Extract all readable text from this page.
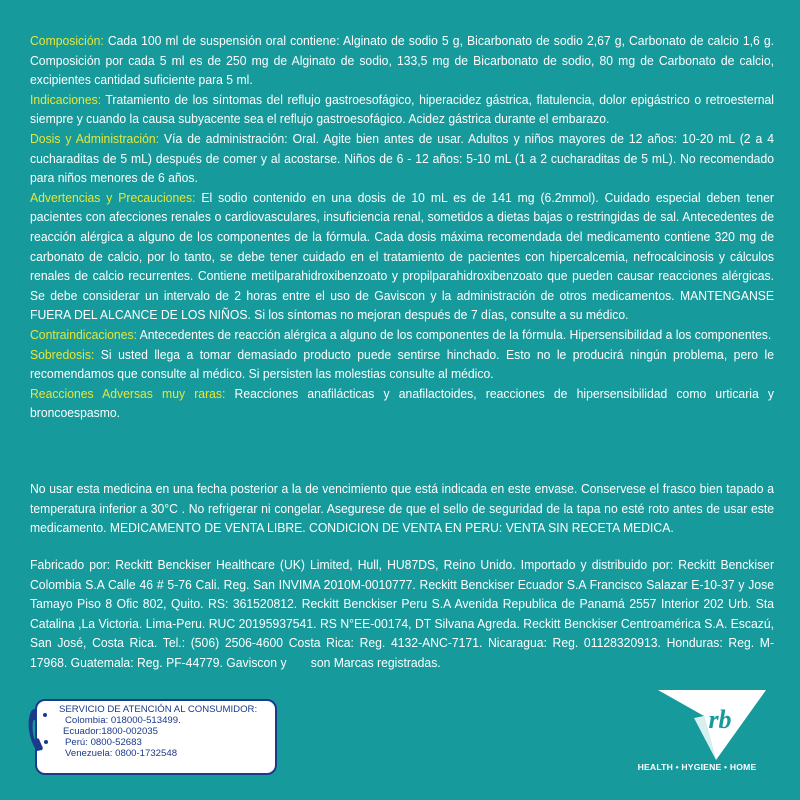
Composición: Cada 100 ml de suspensión oral contiene: Alginato de sodio 5 g, Bicarbonato de sodio 2,67 g, Carbonato de calcio 1,6 g. Composición por cada 5 ml es de 250 mg de Alginato de sodio, 133,5 mg de Bicarbonato de sodio, 80 mg de Carbonato de calcio, excipientes cantidad suficiente para 5 ml.

Indicaciones: Tratamiento de los síntomas del reflujo gastroesofágico, hiperacidez gástrica, flatulencia, dolor epigástrico o retroesternal siempre y cuando la causa subyacente sea el reflujo gastroesofágico. Acidez gástrica durante el embarazo.

Dosis y Administración: Vía de administración: Oral. Agite bien antes de usar. Adultos y niños mayores de 12 años: 10-20 mL (2 a 4 cucharaditas de 5 mL) después de comer y al acostarse. Niños de 6 - 12 años: 5-10 mL (1 a 2 cucharaditas de 5 mL). No recomendado para niños menores de 6 años.

Advertencias y Precauciones: El sodio contenido en una dosis de 10 mL es de 141 mg (6.2mmol). Cuidado especial deben tener pacientes con afecciones renales o cardiovasculares, insuficiencia renal, sometidos a dietas bajas o restringidas de sal. Antecedentes de reacción alérgica a alguno de los componentes de la fórmula. Cada dosis máxima recomendada del medicamento contiene 320 mg de carbonato de calcio, por lo tanto, se debe tener cuidado en el tratamiento de pacientes con hipercalcemia, nefrocalcinosis y cálculos renales de calcio recurrentes. Contiene metilparahidroxibenzoato y propilparahidroxibenzoato que pueden causar reacciones alérgicas. Se debe considerar un intervalo de 2 horas entre el uso de Gaviscon y la administración de otros medicamentos. MANTENGANSE FUERA DEL ALCANCE DE LOS NIÑOS. Si los síntomas no mejoran después de 7 días, consulte a su médico.

Contraindicaciones: Antecedentes de reacción alérgica a alguno de los componentes de la fórmula. Hipersensibilidad a los componentes.

Sobredosis: Si usted llega a tomar demasiado producto puede sentirse hinchado. Esto no le producirá ningún problema, pero le recomendamos que consulte al médico. Si persisten las molestias consulte al médico.

Reacciones Adversas muy raras: Reacciones anafilácticas y anafilactoides, reacciones de hipersensibilidad como urticaria y broncoespasmo.

No usar esta medicina en una fecha posterior a la de vencimiento que está indicada en este envase. Conservese el frasco bien tapado a temperatura inferior a 30°C . No refrigerar ni congelar. Asegurese de que el sello de seguridad de la tapa no esté roto antes de usar este medicamento. MEDICAMENTO DE VENTA LIBRE. CONDICION DE VENTA EN PERU: VENTA SIN RECETA MEDICA.

Fabricado por: Reckitt Benckiser Healthcare (UK) Limited, Hull, HU87DS, Reino Unido. Importado y distribuido por: Reckitt Benckiser Colombia S.A Calle 46 # 5-76 Cali. Reg. San INVIMA 2010M-0010777. Reckitt Benckiser Ecuador S.A Francisco Salazar E-10-37 y Jose Tamayo Piso 8 Ofic 802, Quito. RS: 361520812. Reckitt Benckiser Peru S.A Avenida Republica de Panamá 2557 Interior 202 Urb. Sta Catalina ,La Victoria. Lima-Peru. RUC 20195937541. RS N°EE-00174, DT Silvana Agreda. Reckitt Benckiser Centroamérica S.A. Escazú, San José, Costa Rica. Tel.: (506) 2506-4600 Costa Rica: Reg. 4132-ANC-7171. Nicaragua: Reg. 01128320913. Honduras: Reg. M-17968. Guatemala: Reg. PF-44779. Gaviscon y son Marcas registradas.

SERVICIO DE ATENCIÓN AL CONSUMIDOR:
Colombia: 018000-513499.
Ecuador:1800-002035
Perú: 0800-52683
Venezuela: 0800-1732548
rb
HEALTH • HYGIENE • HOME
